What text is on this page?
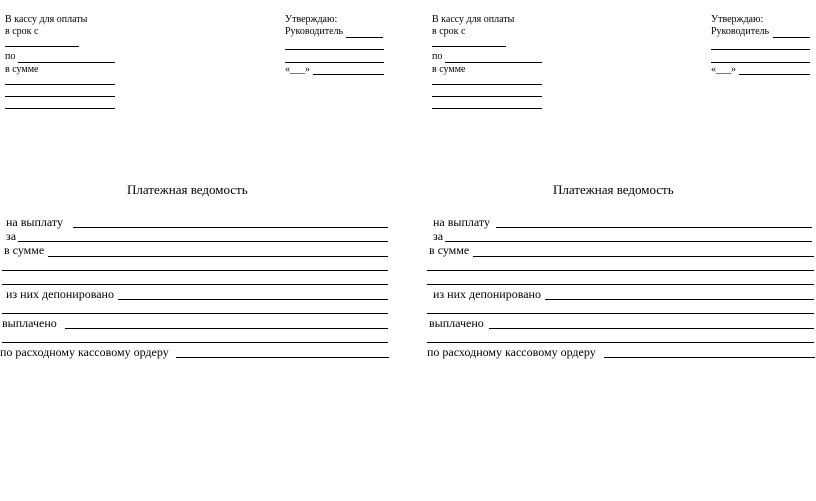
В кассу для оплаты
в срок с
по
в сумме
Утверждаю:
Руководитель
«___»
Платежная ведомость
на выплату
за
в сумме
из них депонировано
выплачено
по расходному кассовому ордеру
В кассу для оплаты
в срок с
по
в сумме
Утверждаю:
Руководитель
«___»
Платежная ведомость
на выплату
за
в сумме
из них депонировано
выплачено
по расходному кассовому ордеру
